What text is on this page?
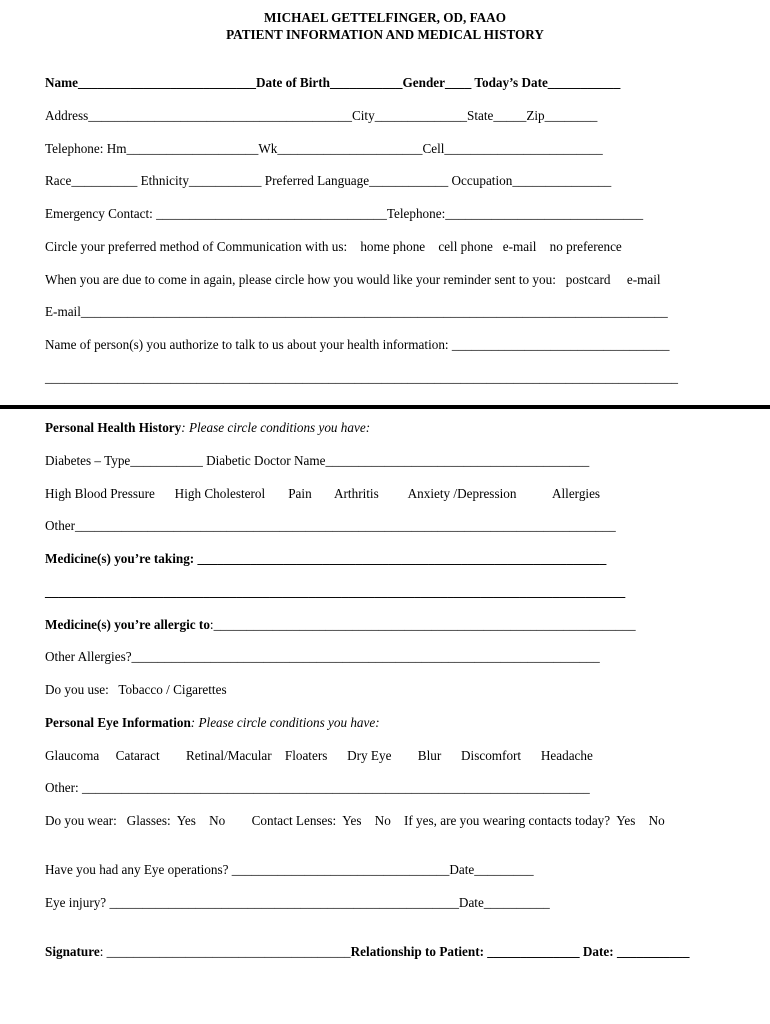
MICHAEL GETTELFINGER, OD, FAAO
PATIENT INFORMATION AND MEDICAL HISTORY
Name___________________________Date of Birth___________Gender____ Today’s Date___________
Address________________________________________City______________State_____Zip________
Telephone: Hm____________________Wk______________________Cell________________________
Race__________ Ethnicity___________ Preferred Language____________ Occupation_______________
Emergency Contact: ___________________________________Telephone:______________________________
Circle your preferred method of Communication with us:    home phone    cell phone   e-mail    no preference
When you are due to come in again, please circle how you would like your reminder sent to you:   postcard     e-mail
E-mail_________________________________________________________________________________________
Name of person(s) you authorize to talk to us about your health information: _________________________________
________________________________________________________________________________________________
Personal Health History: Please circle conditions you have:
Diabetes – Type___________ Diabetic Doctor Name________________________________________
High Blood Pressure      High Cholesterol       Pain       Arthritis         Anxiety /Depression           Allergies
Other__________________________________________________________________________________
Medicine(s) you’re taking: ______________________________________________________________
________________________________________________________________________________________
Medicine(s) you’re allergic to:________________________________________________________________
Other Allergies?_______________________________________________________________________
Do you use:   Tobacco / Cigarettes
Personal Eye Information: Please circle conditions you have:
Glaucoma     Cataract        Retinal/Macular    Floaters      Dry Eye        Blur      Discomfort      Headache
Other: _____________________________________________________________________________
Do you wear:   Glasses:  Yes    No        Contact Lenses:  Yes    No    If yes, are you wearing contacts today?  Yes    No
Have you had any Eye operations? _________________________________Date_________
Eye injury? _____________________________________________________Date__________
Signature: _____________________________________Relationship to Patient: ______________ Date: ___________
